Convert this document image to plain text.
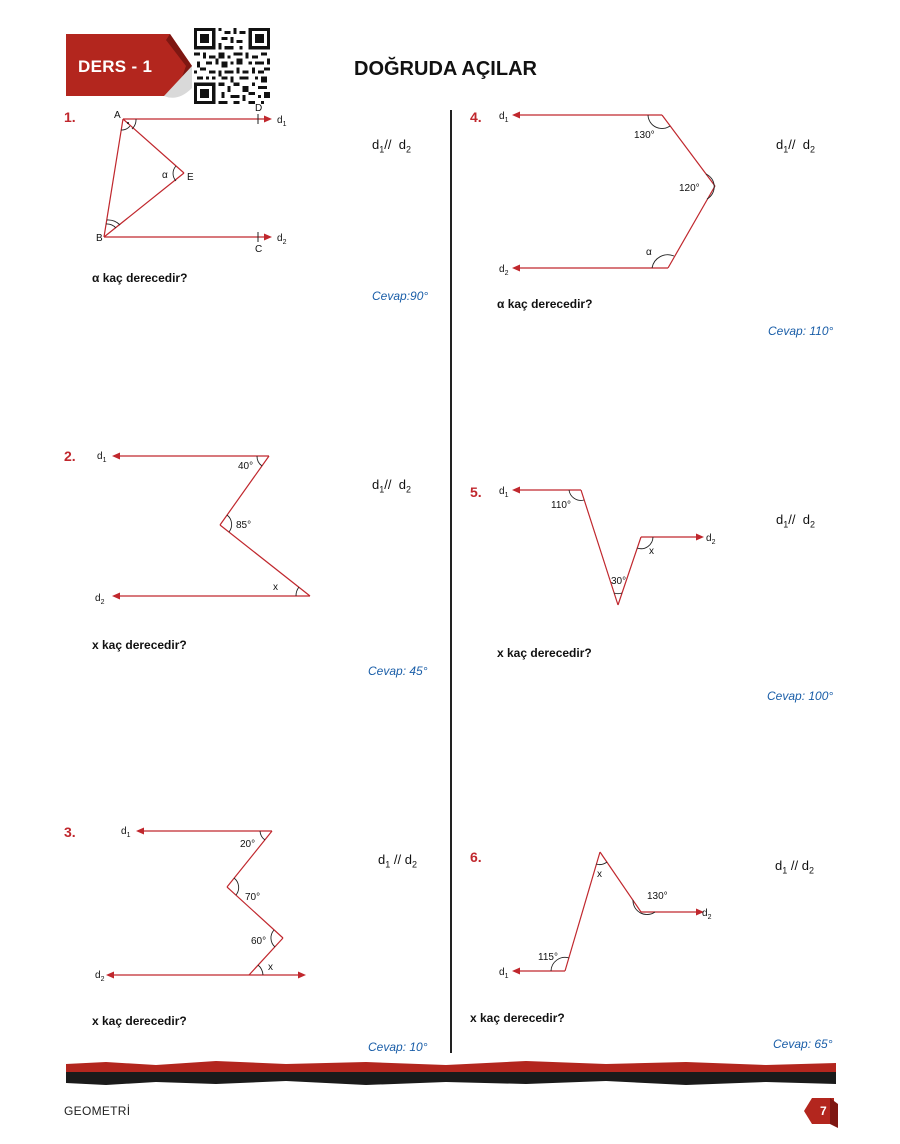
DERS - 1	DOĞRUDA AÇILAR
1.
$d_1//$ $d_2$
A
B
C
D
E
α
$d_1$
$d_2$
α kaç derecedir?
Cevap:90°
2.
$d_1//$ $d_2$
40°
85°
x
$d_1$
$d_2$
x kaç derecedir?
Cevap: 45°
3.
$d_1 // d_2$
20°
70°
60°
x
$d_1$
$d_2$
x kaç derecedir?
Cevap: 10°
4.
$d_1//$ $d_2$
130°
120°
α
$d_1$
$d_2$
α kaç derecedir?
Cevap: 110°
5.
$d_1//$ $d_2$
110°
30°
x
$d_1$
$d_2$
x kaç derecedir?
Cevap: 100°
6.
$d_1 // d_2$
x
130°
115°
$d_1$
$d_2$
x kaç derecedir?
Cevap: 65°
GEOMETRİ	7
